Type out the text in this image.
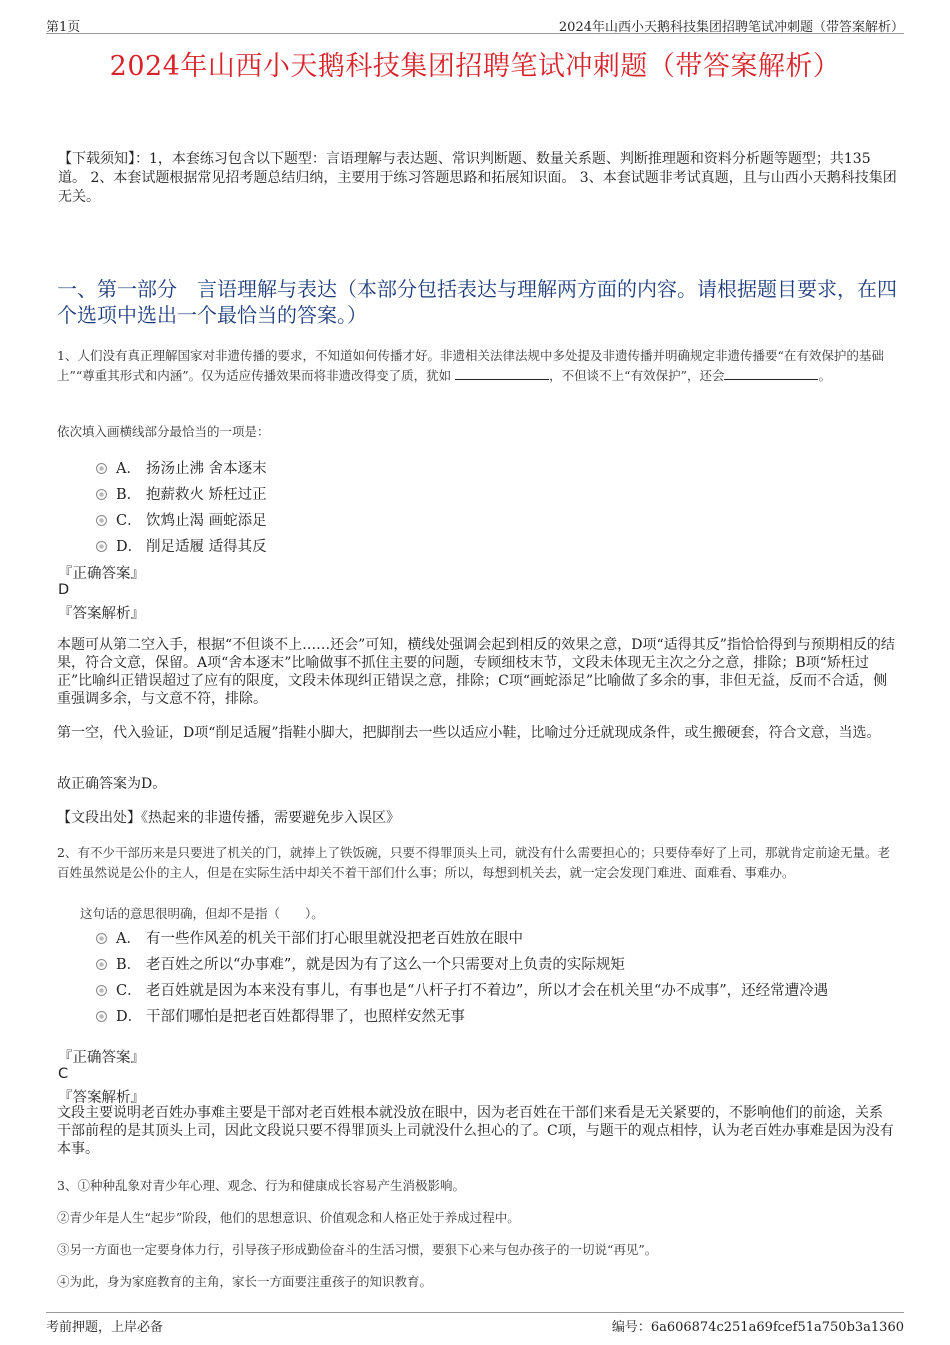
第1页	2024年山西小天鹅科技集团招聘笔试冲刺题（带答案解析）
2024年山西小天鹅科技集团招聘笔试冲刺题（带答案解析）
【下载须知】：1，本套练习包含以下题型：言语理解与表达题、常识判断题、数量关系题、判断推理题和资料分析题等题型；共135道。 2、本套试题根据常见招考题总结归纳，主要用于练习答题思路和拓展知识面。 3、本套试题非考试真题，且与山西小天鹅科技集团无关。
一、第一部分　言语理解与表达（本部分包括表达与理解两方面的内容。请根据题目要求，在四个选项中选出一个最恰当的答案。）
1、人们没有真正理解国家对非遗传播的要求，不知道如何传播才好。非遗相关法律法规中多处提及非遗传播并明确规定非遗传播要“在有效保护的基础上”“尊重其形式和内涵”。仅为适应传播效果而将非遗改得变了质，犹如	，不但谈不上“有效保护”，还会	。
依次填入画横线部分最恰当的一项是：
A． 扬汤止沸 舍本逐末
B． 抱薪救火 矫枉过正
C． 饮鸩止渴 画蛇添足
D． 削足适履 适得其反
『正确答案』
D
『答案解析』
本题可从第二空入手，根据“不但谈不上……还会”可知，横线处强调会起到相反的效果之意，D项“适得其反”指恰恰得到与预期相反的结果，符合文意，保留。A项“舍本逐末”比喻做事不抓住主要的问题，专顾细枝末节，文段未体现无主次之分之意，排除；B项“矫枉过正”比喻纠正错误超过了应有的限度，文段未体现纠正错误之意，排除；C项“画蛇添足”比喻做了多余的事，非但无益，反而不合适，侧重强调多余，与文意不符，排除。
第一空，代入验证，D项“削足适履”指鞋小脚大，把脚削去一些以适应小鞋，比喻过分迁就现成条件，或生搬硬套，符合文意，当选。
故正确答案为D。
【文段出处】《热起来的非遗传播，需要避免步入误区》
2、有不少干部历来是只要进了机关的门，就捧上了铁饭碗，只要不得罪顶头上司，就没有什么需要担心的；只要侍奉好了上司，那就肯定前途无量。老百姓虽然说是公仆的主人，但是在实际生活中却关不着干部们什么事；所以，每想到机关去，就一定会发现门难进、面难看、事难办。
这句话的意思很明确，但却不是指（　　）。
A． 有一些作风差的机关干部们打心眼里就没把老百姓放在眼中
B． 老百姓之所以“办事难”，就是因为有了这么一个只需要对上负责的实际规矩
C． 老百姓就是因为本来没有事儿，有事也是“八杆子打不着边”，所以才会在机关里“办不成事”，还经常遭冷遇
D． 干部们哪怕是把老百姓都得罪了，也照样安然无事
『正确答案』
C
『答案解析』
文段主要说明老百姓办事难主要是干部对老百姓根本就没放在眼中，因为老百姓在干部们来看是无关紧要的，不影响他们的前途，关系干部前程的是其顶头上司，因此文段说只要不得罪顶头上司就没什么担心的了。C项，与题干的观点相悖，认为老百姓办事难是因为没有本事。
3、①种种乱象对青少年心理、观念、行为和健康成长容易产生消极影响。
②青少年是人生“起步”阶段，他们的思想意识、价值观念和人格正处于养成过程中。
③另一方面也一定要身体力行，引导孩子形成勤俭奋斗的生活习惯，要狠下心来与包办孩子的一切说“再见”。
④为此，身为家庭教育的主角，家长一方面要注重孩子的知识教育。
考前押题，上岸必备	编号：6a606874c251a69fcef51a750b3a1360
